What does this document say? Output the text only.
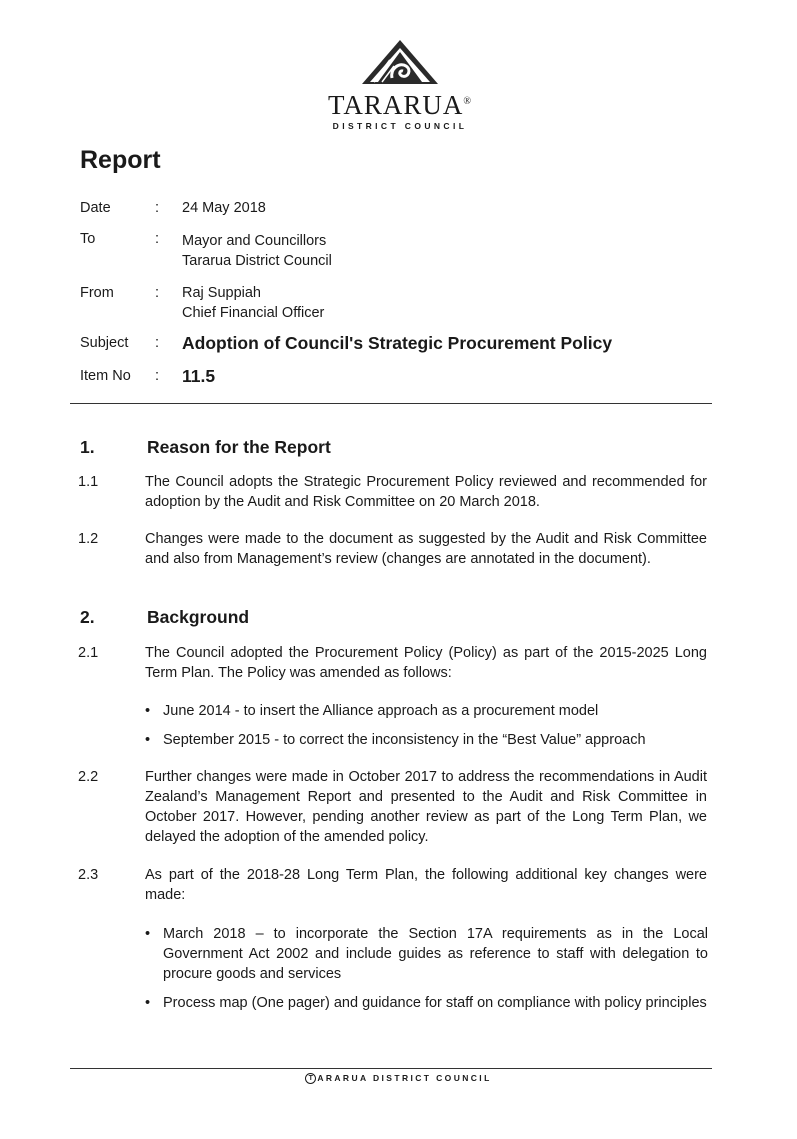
TARARUA®
DISTRICT COUNCIL
Report
Date	: 24 May 2018
To	: Mayor and Councillors
Tararua District Council
From	: Raj Suppiah
Chief Financial Officer
Subject	: Adoption of Council's Strategic Procurement Policy
Item No	: 11.5
1.	Reason for the Report
1.1	The Council adopts the Strategic Procurement Policy reviewed and recommended for adoption by the Audit and Risk Committee on 20 March 2018.
1.2	Changes were made to the document as suggested by the Audit and Risk Committee and also from Management’s review (changes are annotated in the document).
2.	Background
2.1	The Council adopted the Procurement Policy (Policy) as part of the 2015-2025 Long Term Plan. The Policy was amended as follows:
• June 2014 - to insert the Alliance approach as a procurement model
• September 2015 - to correct the inconsistency in the “Best Value” approach
2.2	Further changes were made in October 2017 to address the recommendations in Audit Zealand’s Management Report and presented to the Audit and Risk Committee in October 2017. However, pending another review as part of the Long Term Plan, we delayed the adoption of the amended policy.
2.3	As part of the 2018-28 Long Term Plan, the following additional key changes were made:
• March 2018 – to incorporate the Section 17A requirements as in the Local Government Act 2002 and include guides as reference to staff with delegation to procure goods and services
• Process map (One pager) and guidance for staff on compliance with policy principles
T ARARUA DISTRICT COUNCIL
